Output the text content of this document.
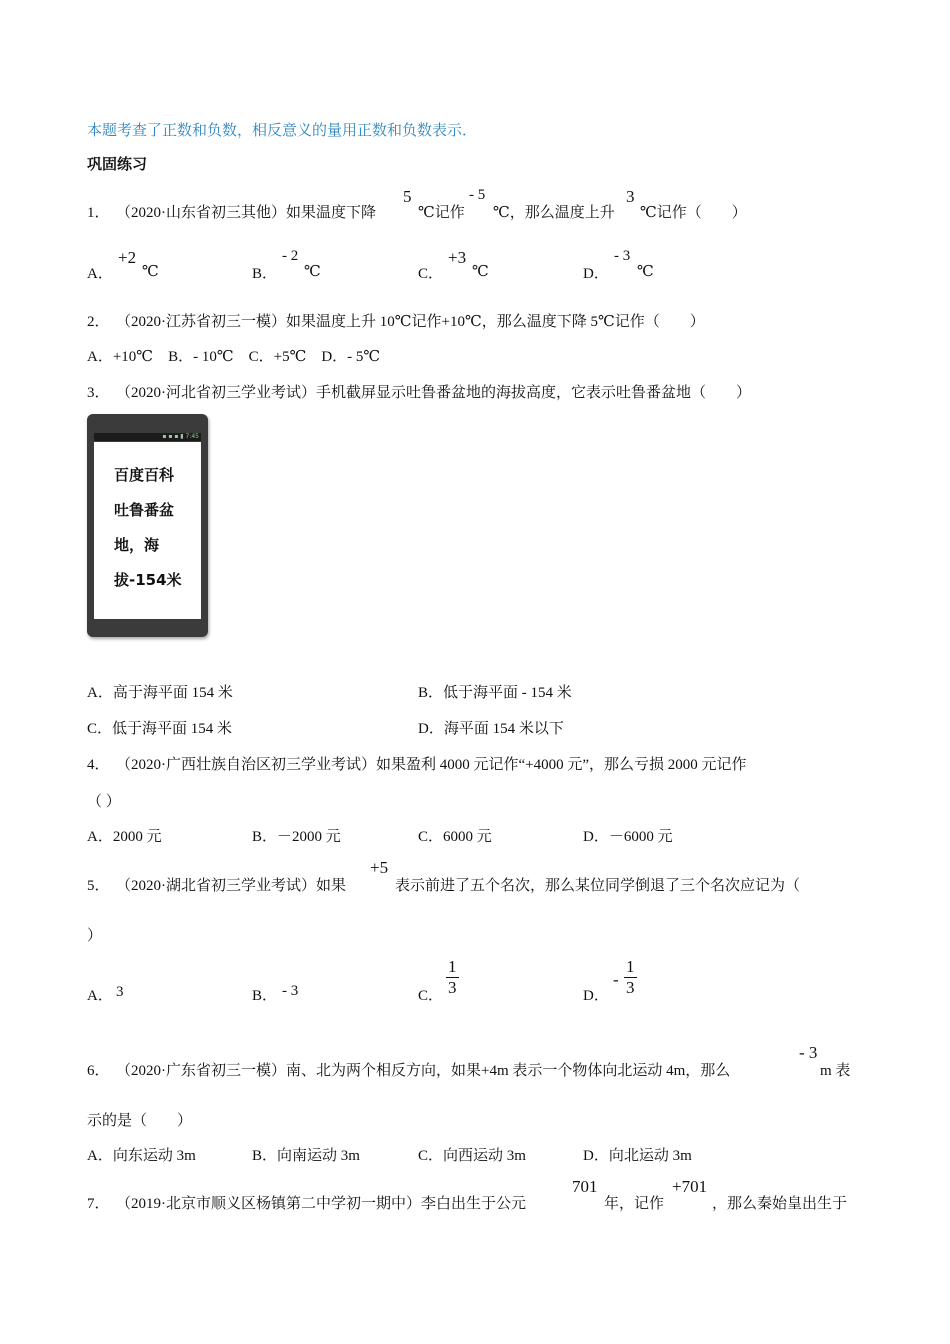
本题考查了正数和负数，相反意义的量用正数和负数表示．
巩固练习
1． （2020·山东省初三其他）如果温度下降
5
℃记作
- 5
℃，那么温度上升
3
℃记作（　　）
A．
+2
℃	B．
- 2
℃	C．
+3
℃	D．
- 3
℃
2． （2020·江苏省初三一模）如果温度上升 10℃记作+10℃，那么温度下降 5℃记作（　　）
A．+10℃　B．- 10℃　C．+5℃　D．- 5℃
3． （2020·河北省初三学业考试）手机截屏显示吐鲁番盆地的海拔高度，它表示吐鲁番盆地（　　）
▪ ▪ ▪ ▮ 7:45
百度百科
吐鲁番盆
地，海
拔-154米
A．高于海平面 154 米	B．低于海平面 - 154 米
C．低于海平面 154 米	D．海平面 154 米以下
4． （2020·广西壮族自治区初三学业考试）如果盈利 4000 元记作“+4000 元”，那么亏损 2000 元记作
（ ）
A．2000 元	B．－2000 元	C．6000 元	D．－6000 元
5． （2020·湖北省初三学业考试）如果
+5
表示前进了五个名次，那么某位同学倒退了三个名次应记为（
）
A． 3	B． - 3	C． $\frac{1}{3}$	D．
- $\frac{1}{3}$
6． （2020·广东省初三一模）南、北为两个相反方向，如果+4m 表示一个物体向北运动 4m，那么
- 3
m 表
示的是（　　）
A．向东运动 3m	B．向南运动 3m	C．向西运动 3m	D．向北运动 3m
7． （2019·北京市顺义区杨镇第二中学初一期中）李白出生于公元
701
年，记作
+701
，那么秦始皇出生于
